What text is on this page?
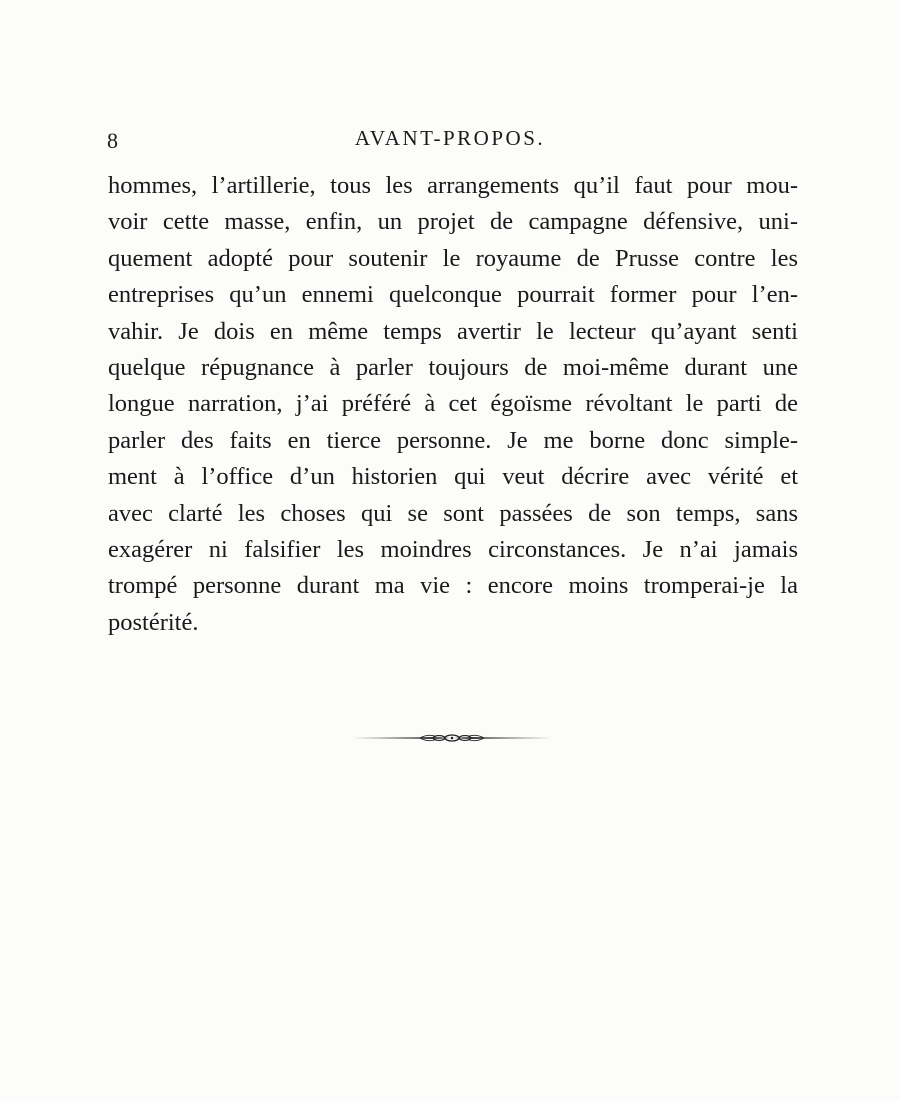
8	AVANT-PROPOS.
hommes, l’artillerie, tous les arrangements qu’il faut pour mou-
voir cette masse, enfin, un projet de campagne défensive, uni-
quement adopté pour soutenir le royaume de Prusse contre les
entreprises qu’un ennemi quelconque pourrait former pour l’en-
vahir. Je dois en même temps avertir le lecteur qu’ayant senti
quelque répugnance à parler toujours de moi-même durant une
longue narration, j’ai préféré à cet égoïsme révoltant le parti de
parler des faits en tierce personne. Je me borne donc simple-
ment à l’office d’un historien qui veut décrire avec vérité et
avec clarté les choses qui se sont passées de son temps, sans
exagérer ni falsifier les moindres circonstances. Je n’ai jamais
trompé personne durant ma vie : encore moins tromperai-je la
postérité.
